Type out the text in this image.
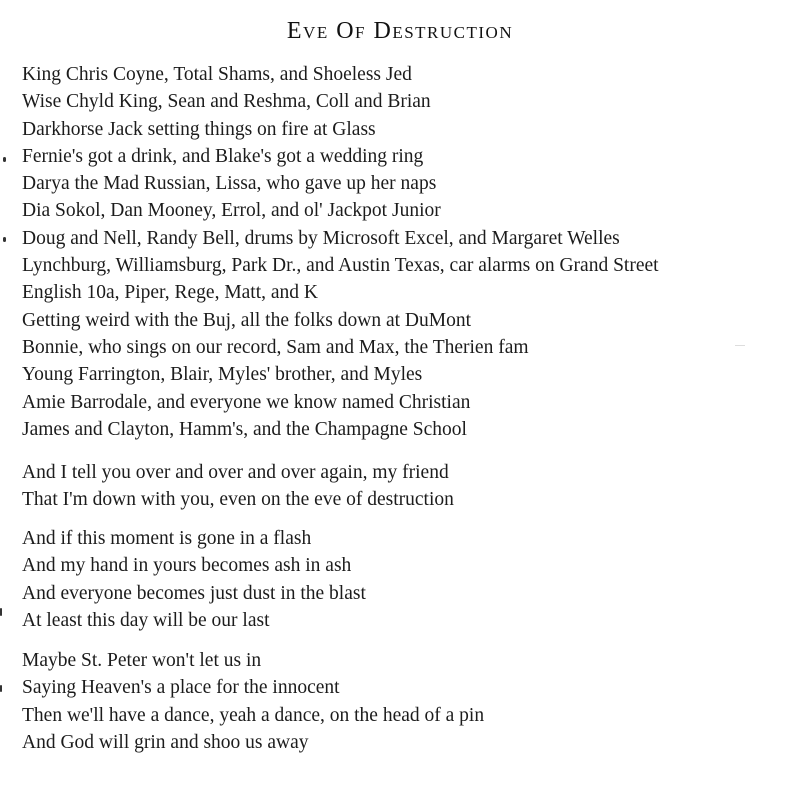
Eve Of Destruction
King Chris Coyne, Total Shams, and Shoeless Jed
Wise Chyld King, Sean and Reshma, Coll and Brian
Darkhorse Jack setting things on fire at Glass
Fernie's got a drink, and Blake's got a wedding ring
Darya the Mad Russian, Lissa, who gave up her naps
Dia Sokol, Dan Mooney, Errol, and ol' Jackpot Junior
Doug and Nell, Randy Bell, drums by Microsoft Excel, and Margaret Welles
Lynchburg, Williamsburg, Park Dr., and Austin Texas, car alarms on Grand Street
English 10a, Piper, Rege, Matt, and K
Getting weird with the Buj, all the folks down at DuMont
Bonnie, who sings on our record, Sam and Max, the Therien fam
Young Farrington, Blair, Myles' brother, and Myles
Amie Barrodale, and everyone we know named Christian
James and Clayton, Hamm's, and the Champagne School
And I tell you over and over and over again, my friend
That I'm down with you, even on the eve of destruction
And if this moment is gone in a flash
And my hand in yours becomes ash in ash
And everyone becomes just dust in the blast
At least this day will be our last
Maybe St. Peter won't let us in
Saying Heaven's a place for the innocent
Then we'll have a dance, yeah a dance, on the head of a pin
And God will grin and shoo us away
